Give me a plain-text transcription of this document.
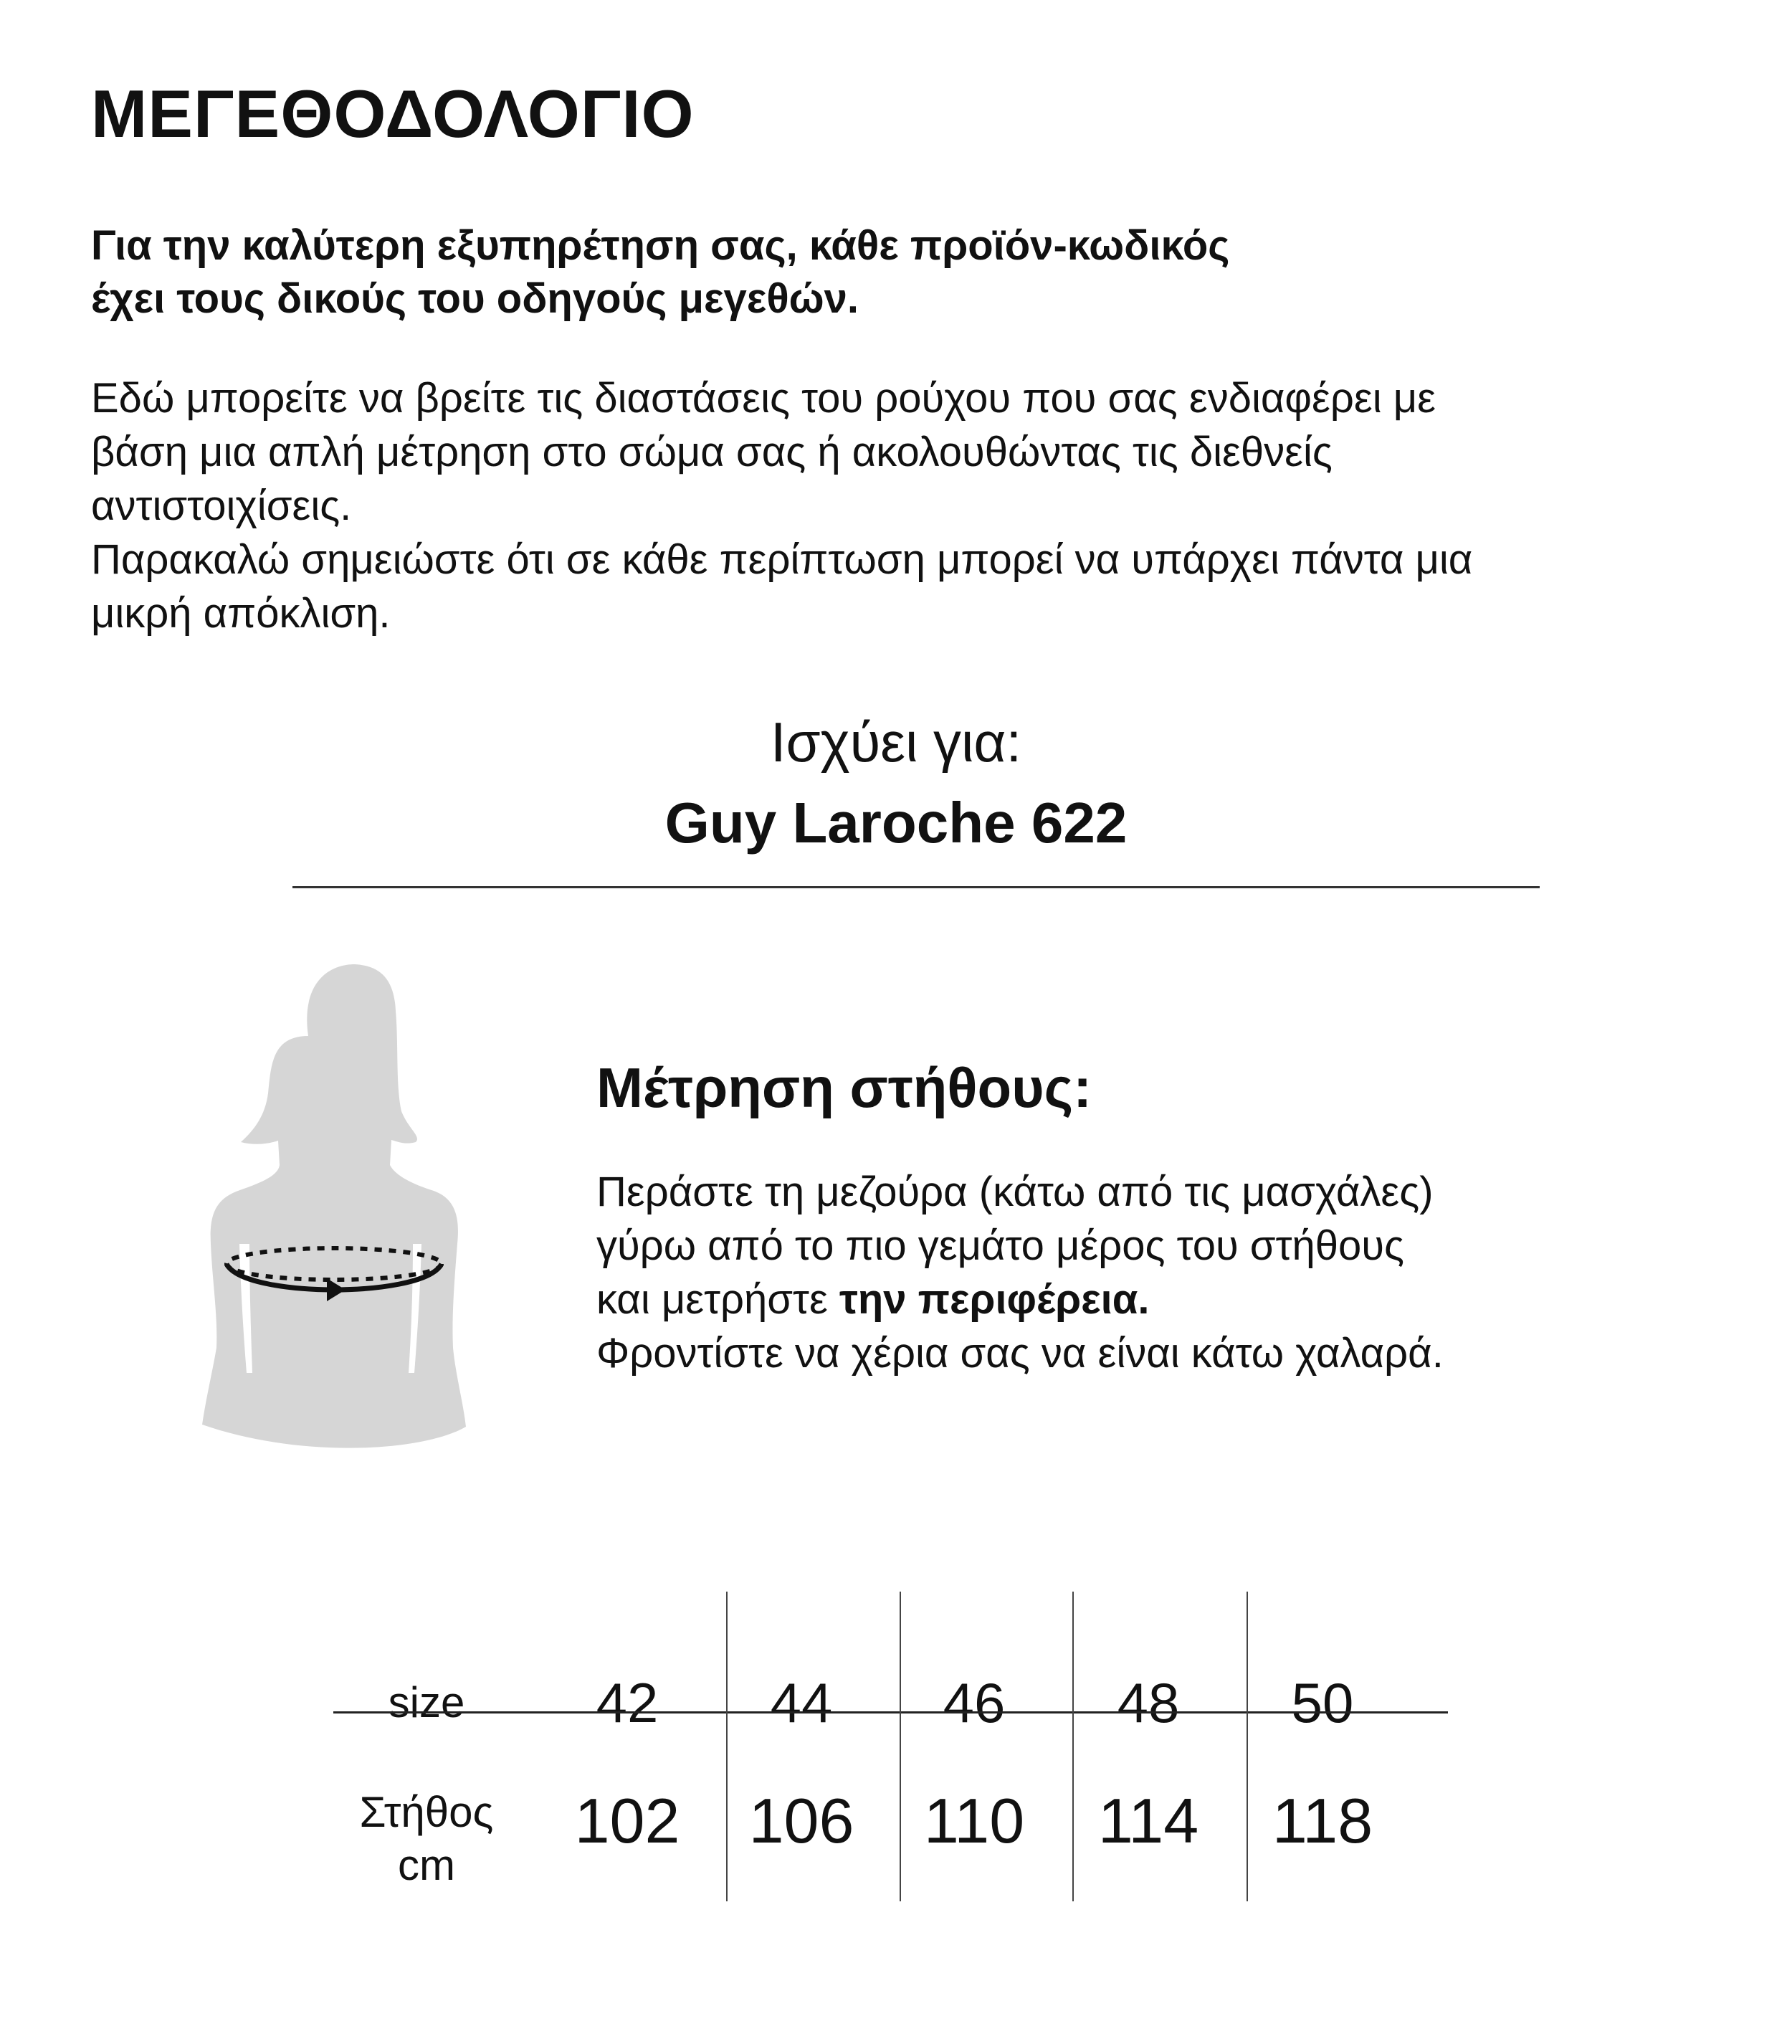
ΜΕΓΕΘΟΔΟΛΟΓΙΟ
Για την καλύτερη εξυπηρέτηση σας, κάθε προϊόν-κωδικός
έχει τους δικούς του οδηγούς μεγεθών.
Εδώ μπορείτε να βρείτε τις διαστάσεις του ρούχου που σας ενδιαφέρει με
βάση μια απλή μέτρηση στο σώμα σας ή ακολουθώντας τις διεθνείς
αντιστοιχίσεις.
Παρακαλώ σημειώστε ότι σε κάθε περίπτωση μπορεί να υπάρχει πάντα μια
μικρή απόκλιση.
Ισχύει για:
Guy Laroche 622
Μέτρηση στήθους:
Περάστε τη μεζούρα (κάτω από τις μασχάλες)
γύρω από το πιο γεμάτο μέρος του στήθους
και μετρήστε την περιφέρεια.
Φροντίστε να χέρια σας να είναι κάτω χαλαρά.
size
Στήθος
cm
42 44 46 48 50
102 106 110 114 118
